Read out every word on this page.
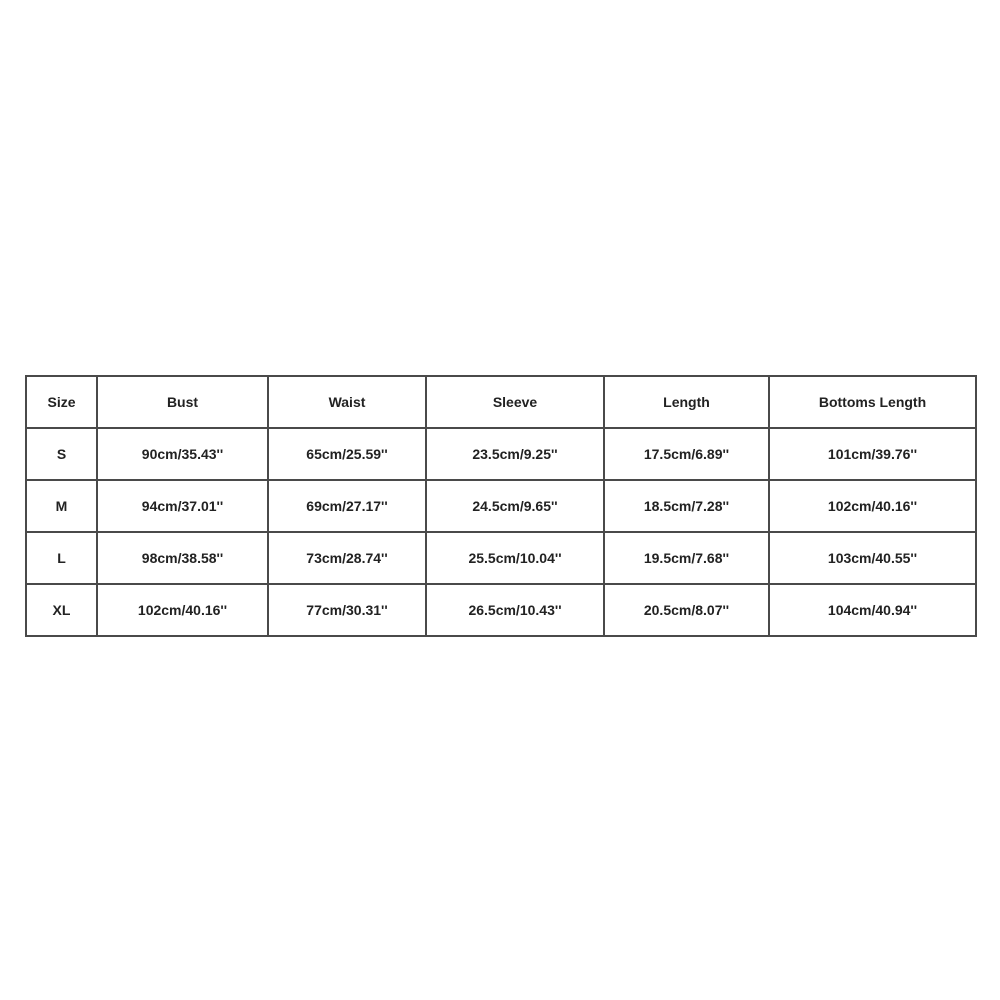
Size	Bust	Waist	Sleeve	Length	Bottoms Length
S	90cm/35.43''	65cm/25.59''	23.5cm/9.25''	17.5cm/6.89''	101cm/39.76''
M	94cm/37.01''	69cm/27.17''	24.5cm/9.65''	18.5cm/7.28''	102cm/40.16''
L	98cm/38.58''	73cm/28.74''	25.5cm/10.04''	19.5cm/7.68''	103cm/40.55''
XL	102cm/40.16''	77cm/30.31''	26.5cm/10.43''	20.5cm/8.07''	104cm/40.94''
